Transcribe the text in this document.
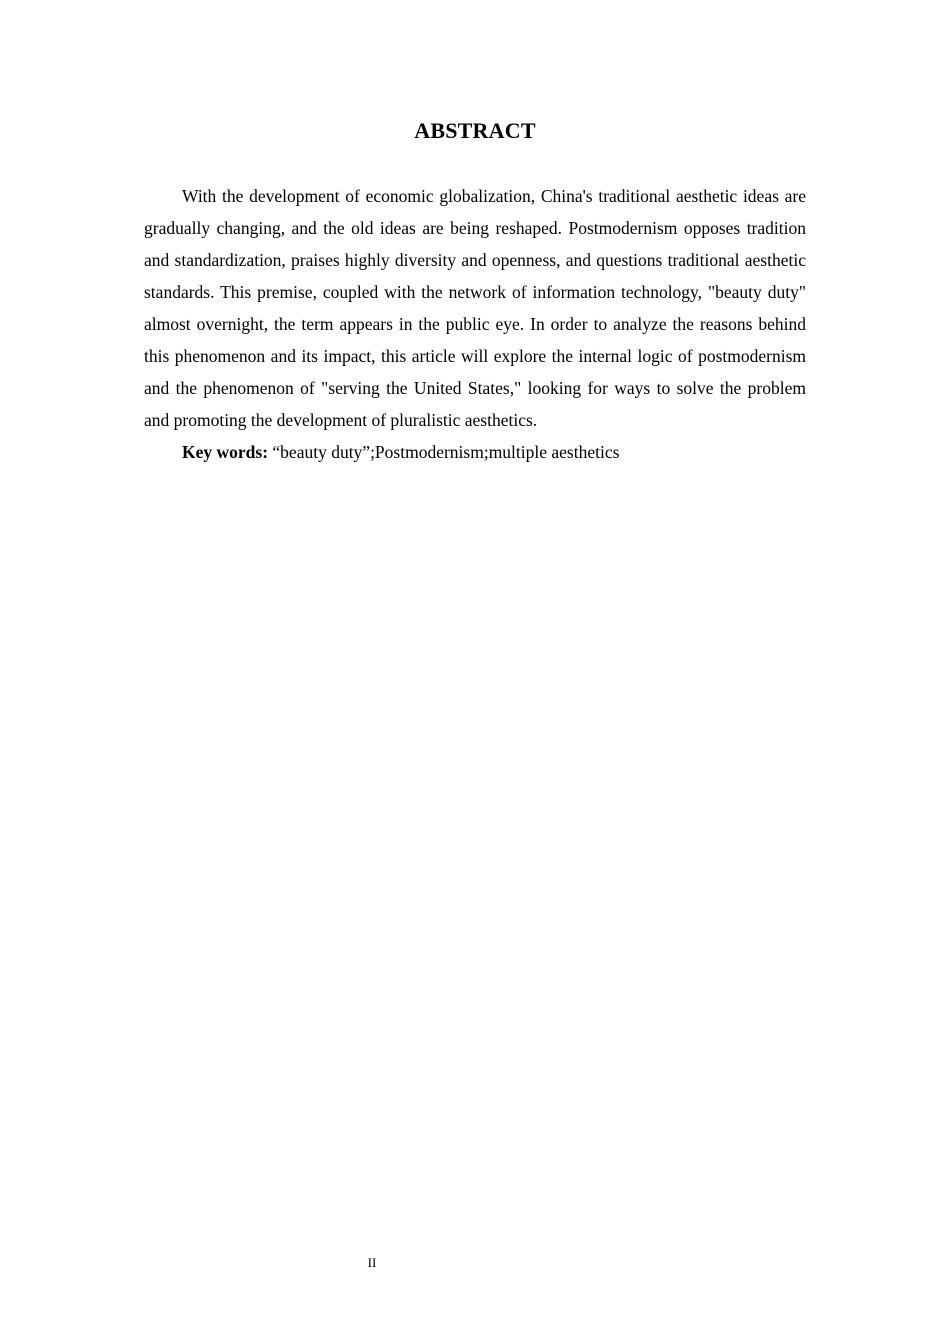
ABSTRACT

With the development of economic globalization, China's traditional aesthetic ideas are gradually changing, and the old ideas are being reshaped. Postmodernism opposes tradition and standardization, praises highly diversity and openness, and questions traditional aesthetic standards. This premise, coupled with the network of information technology, "beauty duty" almost overnight, the term appears in the public eye. In order to analyze the reasons behind this phenomenon and its impact, this article will explore the internal logic of postmodernism and the phenomenon of "serving the United States," looking for ways to solve the problem and promoting the development of pluralistic aesthetics.

Key words: “beauty duty”;Postmodernism;multiple aesthetics

II
